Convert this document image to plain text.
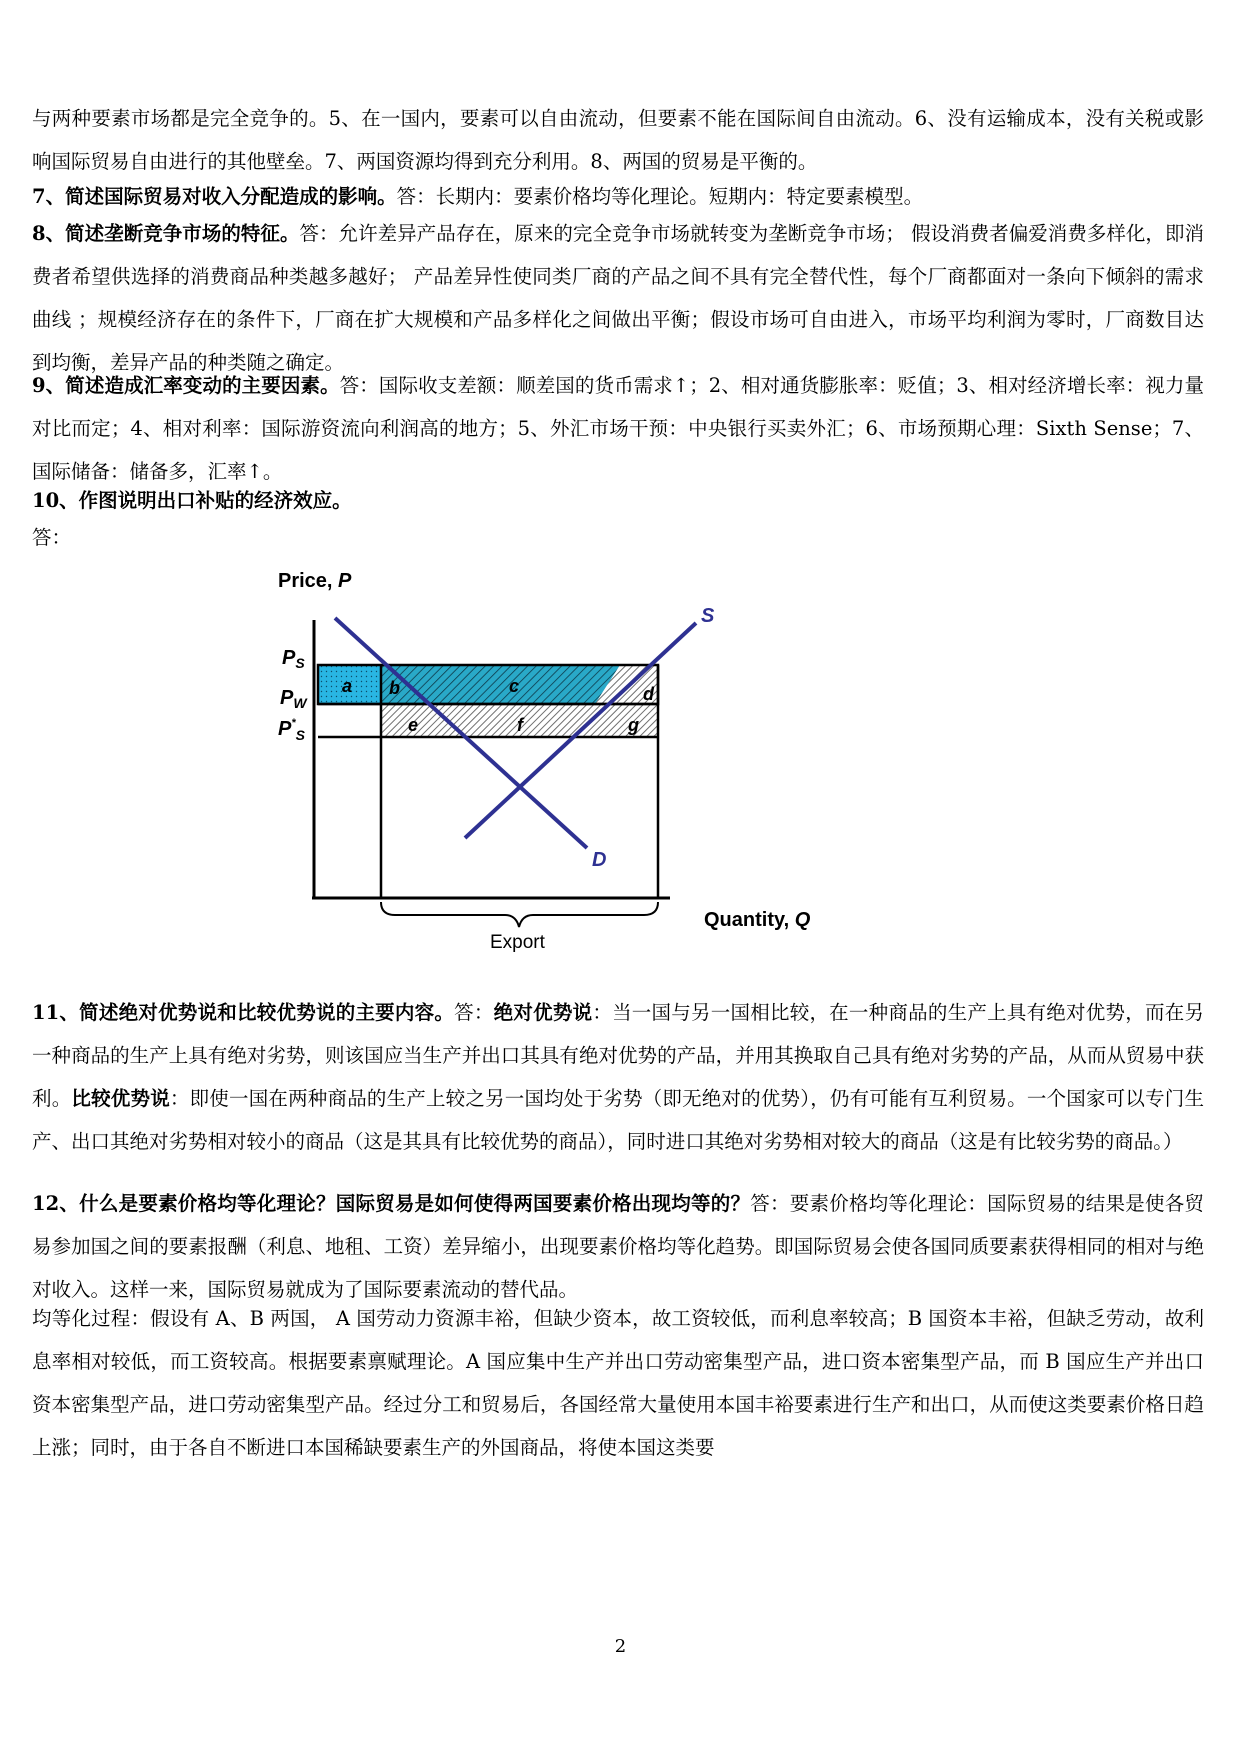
与两种要素市场都是完全竞争的。5、在一国内，要素可以自由流动，但要素不能在国际间自由流动。6、没有运输成本，没有关税或影响国际贸易自由进行的其他壁垒。7、两国资源均得到充分利用。8、两国的贸易是平衡的。
7、简述国际贸易对收入分配造成的影响。答：长期内：要素价格均等化理论。短期内：特定要素模型。
8、简述垄断竞争市场的特征。答：允许差异产品存在，原来的完全竞争市场就转变为垄断竞争市场； 假设消费者偏爱消费多样化，即消费者希望供选择的消费商品种类越多越好； 产品差异性使同类厂商的产品之间不具有完全替代性，每个厂商都面对一条向下倾斜的需求曲线 ；规模经济存在的条件下，厂商在扩大规模和产品多样化之间做出平衡；假设市场可自由进入，市场平均利润为零时，厂商数目达到均衡，差异产品的种类随之确定。
9、简述造成汇率变动的主要因素。答：国际收支差额：顺差国的货币需求↑；2、相对通货膨胀率：贬值；3、相对经济增长率：视力量对比而定；4、相对利率：国际游资流向利润高的地方；5、外汇市场干预：中央银行买卖外汇；6、市场预期心理：Sixth Sense；7、国际储备：储备多，汇率↑。
10、作图说明出口补贴的经济效应。
答：
Price, P
Quantity, Q
$P_S$
$P_W$
$P^*_S$
S
D
a b	c	d
e	f	g
Export
11、简述绝对优势说和比较优势说的主要内容。答：绝对优势说：当一国与另一国相比较，在一种商品的生产上具有绝对优势，而在另一种商品的生产上具有绝对劣势，则该国应当生产并出口其具有绝对优势的产品，并用其换取自己具有绝对劣势的产品，从而从贸易中获利。比较优势说：即使一国在两种商品的生产上较之另一国均处于劣势（即无绝对的优势），仍有可能有互利贸易。一个国家可以专门生产、出口其绝对劣势相对较小的商品（这是其具有比较优势的商品），同时进口其绝对劣势相对较大的商品（这是有比较劣势的商品。）
12、什么是要素价格均等化理论？国际贸易是如何使得两国要素价格出现均等的？答：要素价格均等化理论：国际贸易的结果是使各贸易参加国之间的要素报酬（利息、地租、工资）差异缩小，出现要素价格均等化趋势。即国际贸易会使各国同质要素获得相同的相对与绝对收入。这样一来，国际贸易就成为了国际要素流动的替代品。
均等化过程：假设有 A、B 两国， A 国劳动力资源丰裕，但缺少资本，故工资较低，而利息率较高；B 国资本丰裕，但缺乏劳动，故利息率相对较低，而工资较高。根据要素禀赋理论。A 国应集中生产并出口劳动密集型产品，进口资本密集型产品，而 B 国应生产并出口资本密集型产品，进口劳动密集型产品。经过分工和贸易后，各国经常大量使用本国丰裕要素进行生产和出口，从而使这类要素价格日趋上涨；同时，由于各自不断进口本国稀缺要素生产的外国商品，将使本国这类要
2
